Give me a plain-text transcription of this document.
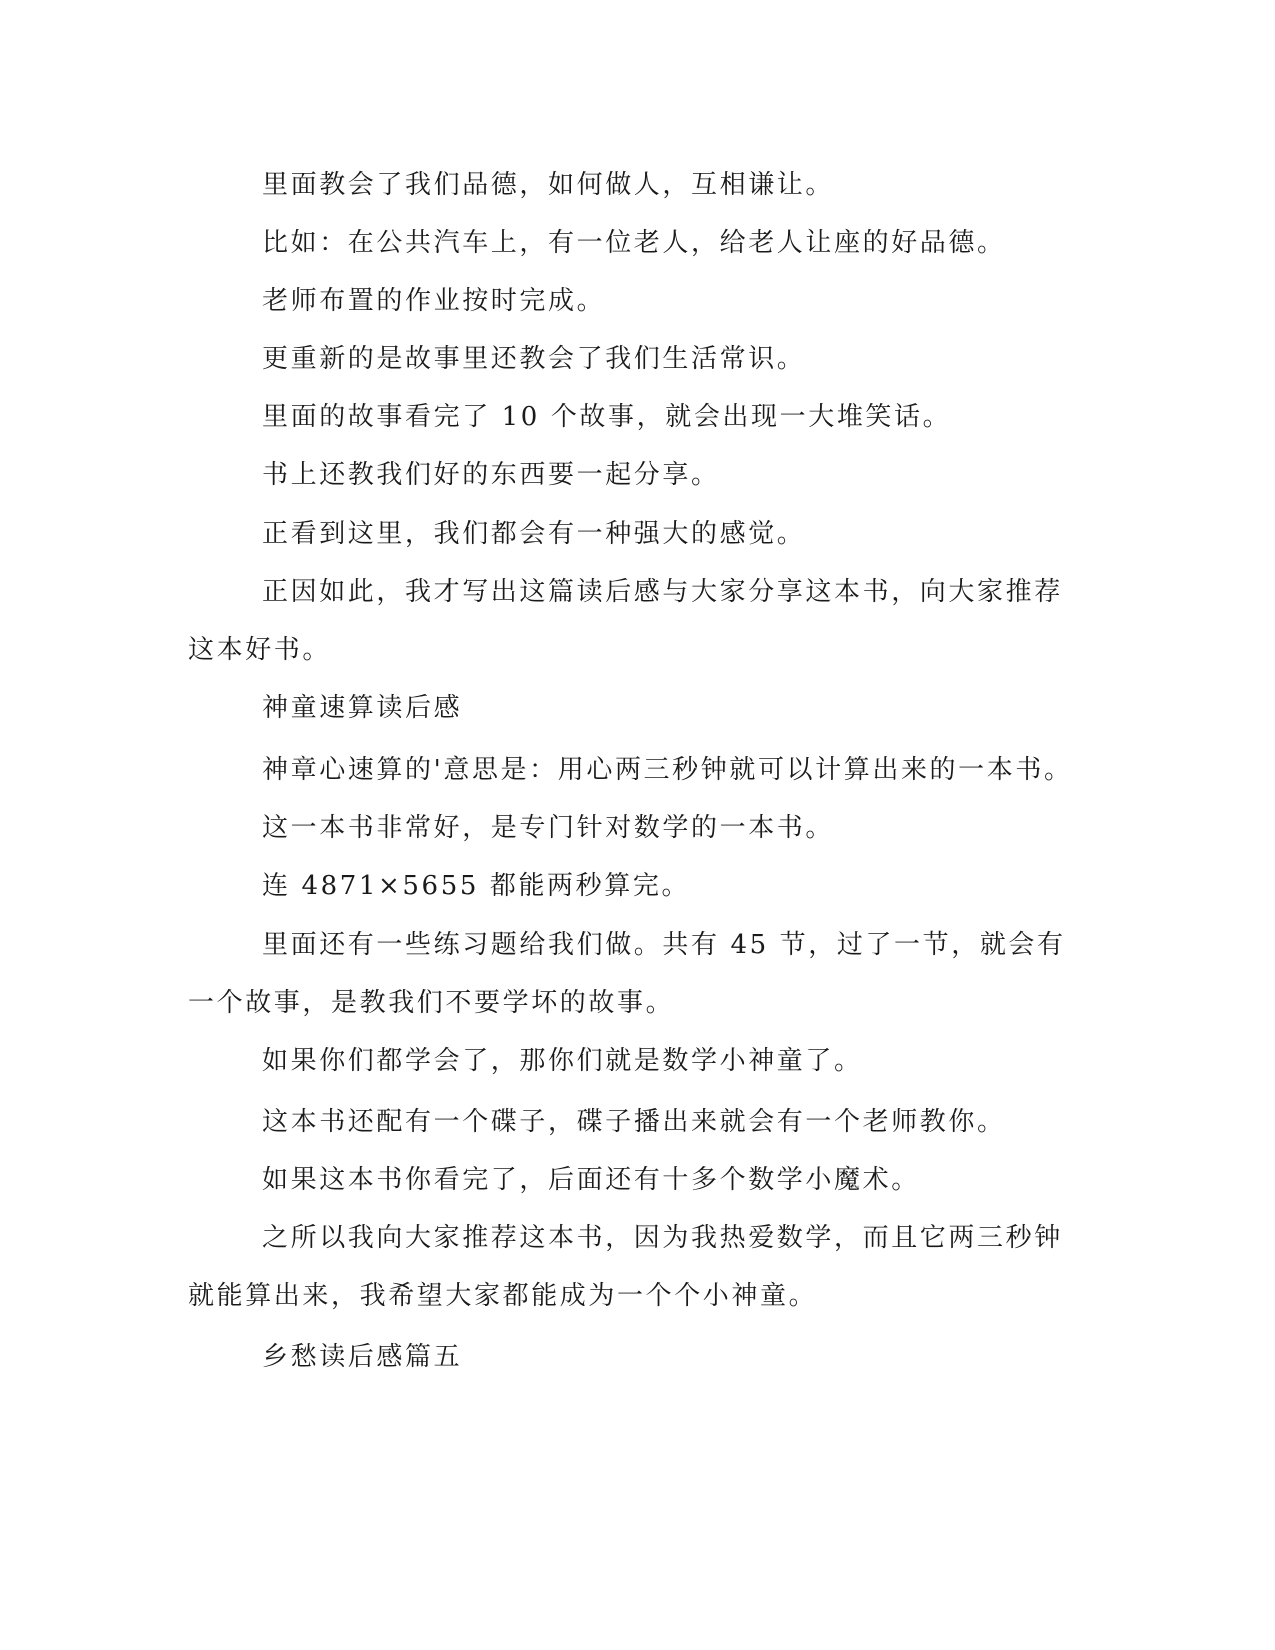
里面教会了我们品德，如何做人，互相谦让。

比如：在公共汽车上，有一位老人，给老人让座的好品德。

老师布置的作业按时完成。

更重新的是故事里还教会了我们生活常识。

里面的故事看完了 10 个故事，就会出现一大堆笑话。

书上还教我们好的东西要一起分享。

正看到这里，我们都会有一种强大的感觉。

正因如此，我才写出这篇读后感与大家分享这本书，向大家推荐

这本好书。

神童速算读后感

神章心速算的'意思是：用心两三秒钟就可以计算出来的一本书。

这一本书非常好，是专门针对数学的一本书。

连 4871×5655 都能两秒算完。

里面还有一些练习题给我们做。共有 45 节，过了一节，就会有

一个故事，是教我们不要学坏的故事。

如果你们都学会了，那你们就是数学小神童了。

这本书还配有一个碟子，碟子播出来就会有一个老师教你。

如果这本书你看完了，后面还有十多个数学小魔术。

之所以我向大家推荐这本书，因为我热爱数学，而且它两三秒钟

就能算出来，我希望大家都能成为一个个小神童。

乡愁读后感篇五
